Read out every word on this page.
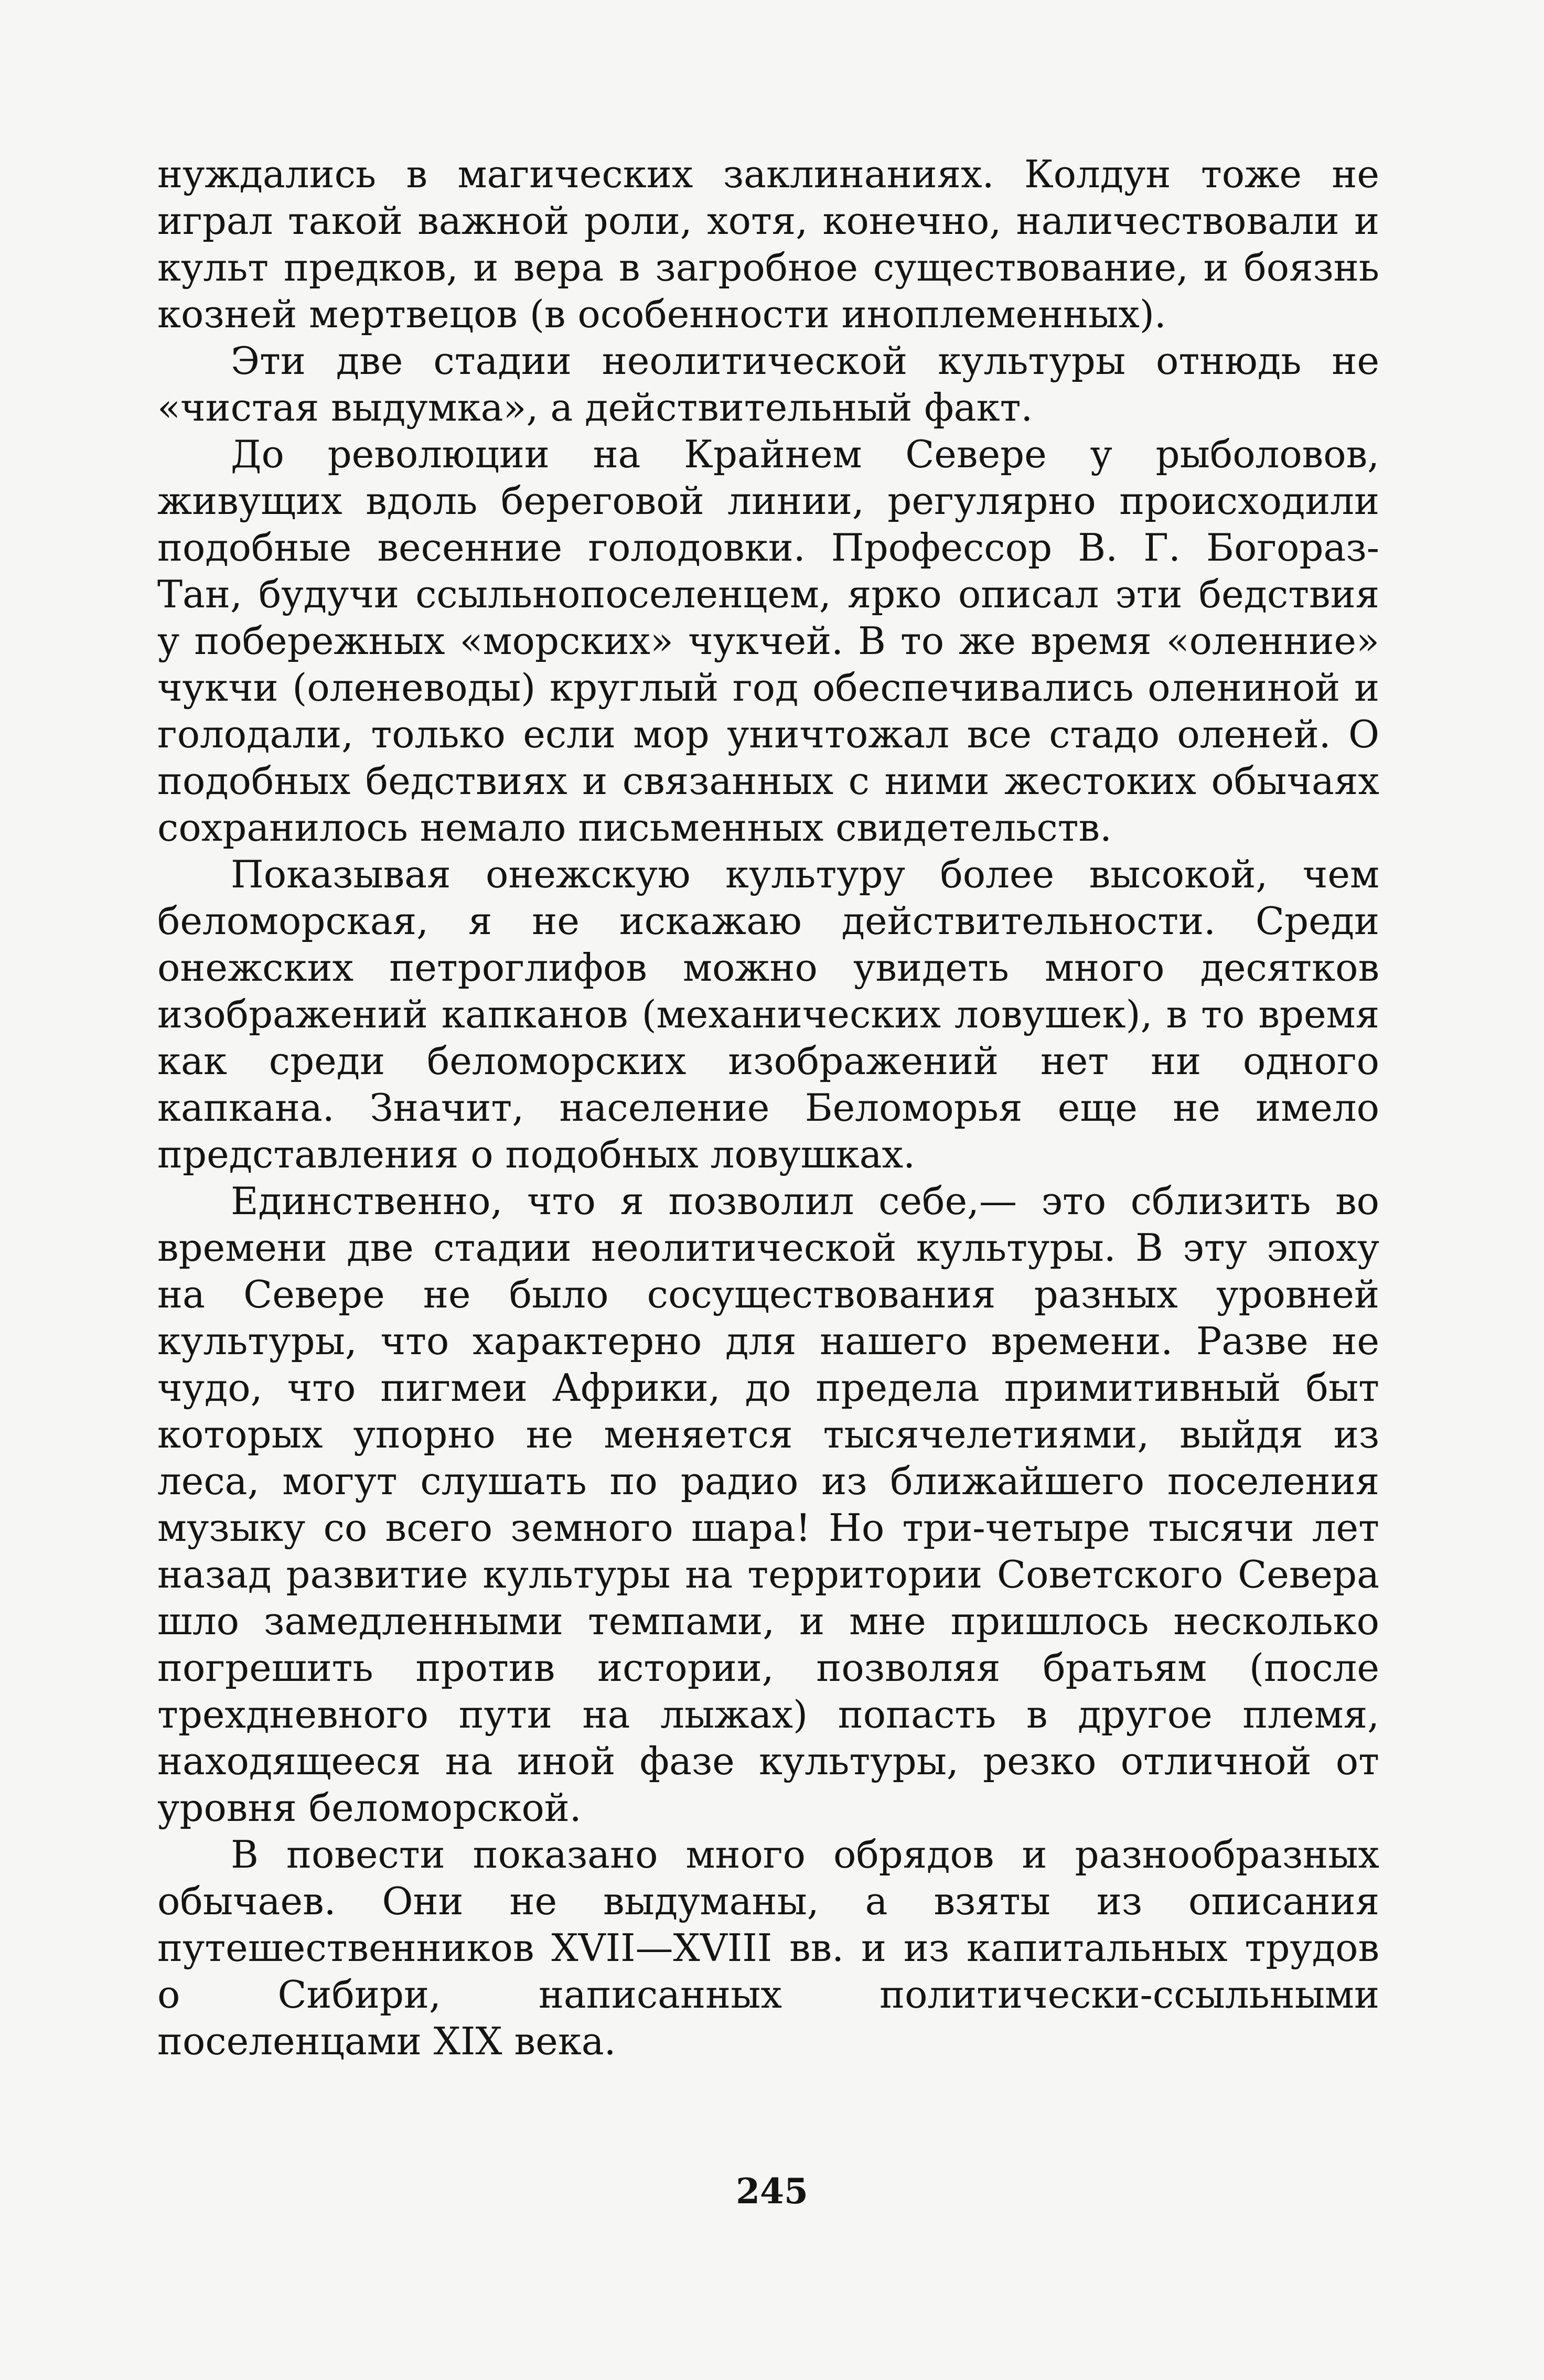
нуждались в магических заклинаниях. Колдун тоже не играл такой важной роли, хотя, конечно, наличествовали и культ предков, и вера в загробное существование, и боязнь козней мертвецов (в особенности иноплеменных).

Эти две стадии неолитической культуры отнюдь не «чистая выдумка», а действительный факт.

До революции на Крайнем Севере у рыболовов, живущих вдоль береговой линии, регулярно происходили подобные весенние голодовки. Профессор В. Г. Богораз-Тан, будучи ссыльнопоселенцем, ярко описал эти бедствия у побережных «морских» чукчей. В то же время «оленние» чукчи (оленеводы) круглый год обеспечивались олениной и голодали, только если мор уничтожал все стадо оленей. О подобных бедствиях и связанных с ними жестоких обычаях сохранилось немало письменных свидетельств.

Показывая онежскую культуру более высокой, чем беломорская, я не искажаю действительности. Среди онежских петроглифов можно увидеть много десятков изображений капканов (механических ловушек), в то время как среди беломорских изображений нет ни одного капкана. Значит, население Беломорья еще не имело представления о подобных ловушках.

Единственно, что я позволил себе,— это сблизить во времени две стадии неолитической культуры. В эту эпоху на Севере не было сосуществования разных уровней культуры, что характерно для нашего времени. Разве не чудо, что пигмеи Африки, до предела примитивный быт которых упорно не меняется тысячелетиями, выйдя из леса, могут слушать по радио из ближайшего поселения музыку со всего земного шара! Но три-четыре тысячи лет назад развитие культуры на территории Советского Севера шло замедленными темпами, и мне пришлось несколько погрешить против истории, позволяя братьям (после трехдневного пути на лыжах) попасть в другое племя, находящееся на иной фазе культуры, резко отличной от уровня беломорской.

В повести показано много обрядов и разнообразных обычаев. Они не выдуманы, а взяты из описания путешественников XVII—XVIII вв. и из капитальных трудов о Сибири, написанных политически-ссыльными поселенцами XIX века.

245
